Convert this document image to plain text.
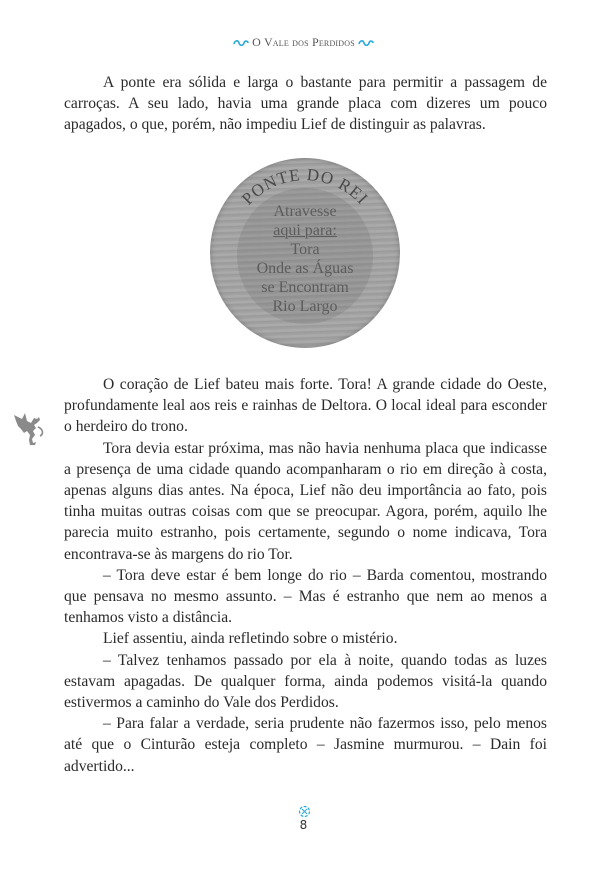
O Vale dos Perdidos

A ponte era sólida e larga o bastante para permitir a passagem de carroças. A seu lado, havia uma grande placa com dizeres um pouco apagados, o que, porém, não impediu Lief de distinguir as palavras.

PONTE DO REI
Atravesse
aqui para:
Tora
Onde as Águas
se Encontram
Rio Largo

O coração de Lief bateu mais forte. Tora! A grande cidade do Oeste, profundamente leal aos reis e rainhas de Deltora. O local ideal para esconder o herdeiro do trono.

Tora devia estar próxima, mas não havia nenhuma placa que indicasse a presença de uma cidade quando acompanharam o rio em direção à costa, apenas alguns dias antes. Na época, Lief não deu importância ao fato, pois tinha muitas outras coisas com que se preocupar. Agora, porém, aquilo lhe parecia muito estranho, pois certamente, segundo o nome indicava, Tora encontrava-se às margens do rio Tor.

– Tora deve estar é bem longe do rio – Barda comentou, mostrando que pensava no mesmo assunto. – Mas é estranho que nem ao menos a tenhamos visto a distância.

Lief assentiu, ainda refletindo sobre o mistério.

– Talvez tenhamos passado por ela à noite, quando todas as luzes estavam apagadas. De qualquer forma, ainda podemos visitá-la quando estivermos a caminho do Vale dos Perdidos.

– Para falar a verdade, seria prudente não fazermos isso, pelo menos até que o Cinturão esteja completo – Jasmine murmurou. – Dain foi advertido...

8
